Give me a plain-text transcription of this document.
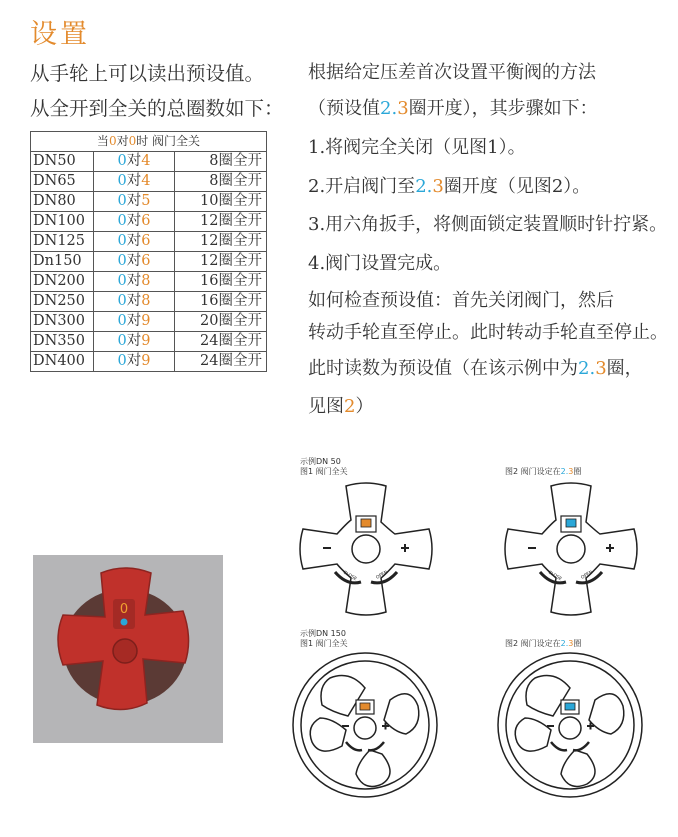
设置
从手轮上可以读出预设值。
从全开到全关的总圈数如下：
当0对0时 阀门全关		
DN50	0对4	8圈全开
DN65	0对4	8圈全开
DN80	0对5	10圈全开
DN100	0对6	12圈全开
DN125	0对6	12圈全开
Dn150	0对6	12圈全开
DN200	0对8	16圈全开
DN250	0对8	16圈全开
DN300	0对9	20圈全开
DN350	0对9	24圈全开
DN400	0对9	24圈全开
根据给定压差首次设置平衡阀的方法
（预设值2.3圈开度），其步骤如下：
1.将阀完全关闭（见图1）。
2.开启阀门至2.3圈开度（见图2）。
3.用六角扳手，将侧面锁定装置顺时针拧紧。
4.阀门设置完成。
如何检查预设值：首先关闭阀门，然后
转动手轮直至停止。此时转动手轮直至停止。
此时读数为预设值（在该示例中为2.3圈，
见图2）
示例DN 50
图1 阀门全关	图2 阀门设定在2.3圈
示例DN 150
图1 阀门全关	图2 阀门设定在2.3圈
CLOSE	OPEN	CLOSE	OPEN
0
